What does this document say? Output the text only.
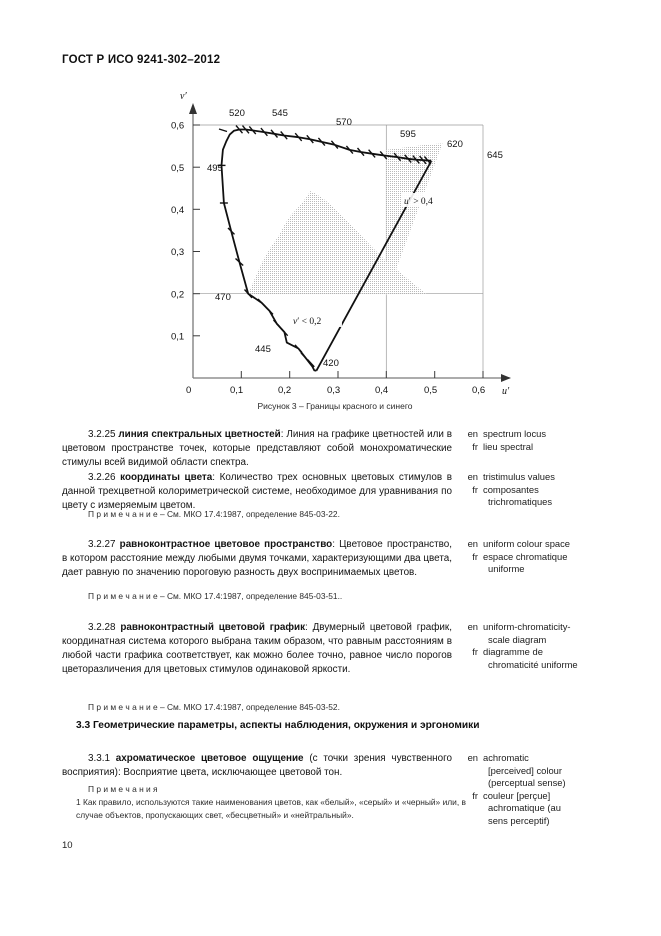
ГОСТ Р ИСО 9241-302–2012
0	0,1	0,2	0,3	0,4	0,5	0,6
0,1
0,2
0,3
0,4
0,5
0,6
v′
u′
520	545
570
595
620
645
495
470
445
420
u′ > 0,4
v′ < 0,2
Рисунок 3 – Границы красного и синего
3.2.25 линия спектральных цветностей: Линия на графике цветностей или в цветовом пространстве точек, которые представляют собой монохроматические стимулы всей видимой области спектра.
en spectrum locus
fr lieu spectral
3.2.26 координаты цвета: Количество трех основных цветовых стимулов в данной трехцветной колориметрической системе, необходимое для уравнивания по цвету с измеряемым цветом.
П р и м е ч а н и е – См. МКО 17.4:1987, определение 845-03-22.
en tristimulus values
fr composantes
trichromatiques
3.2.27 равноконтрастное цветовое пространство: Цветовое пространство, в котором расстояние между любыми двумя точками, характеризующими два цвета, дает равную по значению пороговую разность двух воспринимаемых цветов.
П р и м е ч а н и е – См. МКО 17.4:1987, определение 845-03-51..
en uniform colour space
fr espace chromatique
uniforme
3.2.28 равноконтрастный цветовой график: Двумерный цветовой график, координатная система которого выбрана таким образом, что равным расстояниям в любой части графика соответствует, как можно более точно, равное число порогов цветоразличения для цветовых стимулов одинаковой яркости.
П р и м е ч а н и е – См. МКО 17.4:1987, определение 845-03-52.
en uniform-chromaticity-
scale diagram
fr diagramme de
chromaticité uniforme
3.3 Геометрические параметры, аспекты наблюдения, окружения и эргономики
3.3.1 ахроматическое цветовое ощущение (с точки зрения чувственного восприятия): Восприятие цвета, исключающее цветовой тон.
П р и м е ч а н и я
1 Как правило, используются такие наименования цветов, как «белый», «серый» и «черный» или, в случае объектов, пропускающих свет, «бесцветный» и «нейтральный».
en achromatic
[perceived] colour
(perceptual sense)
fr couleur [perçue]
achromatique (au
sens perceptif)
10
